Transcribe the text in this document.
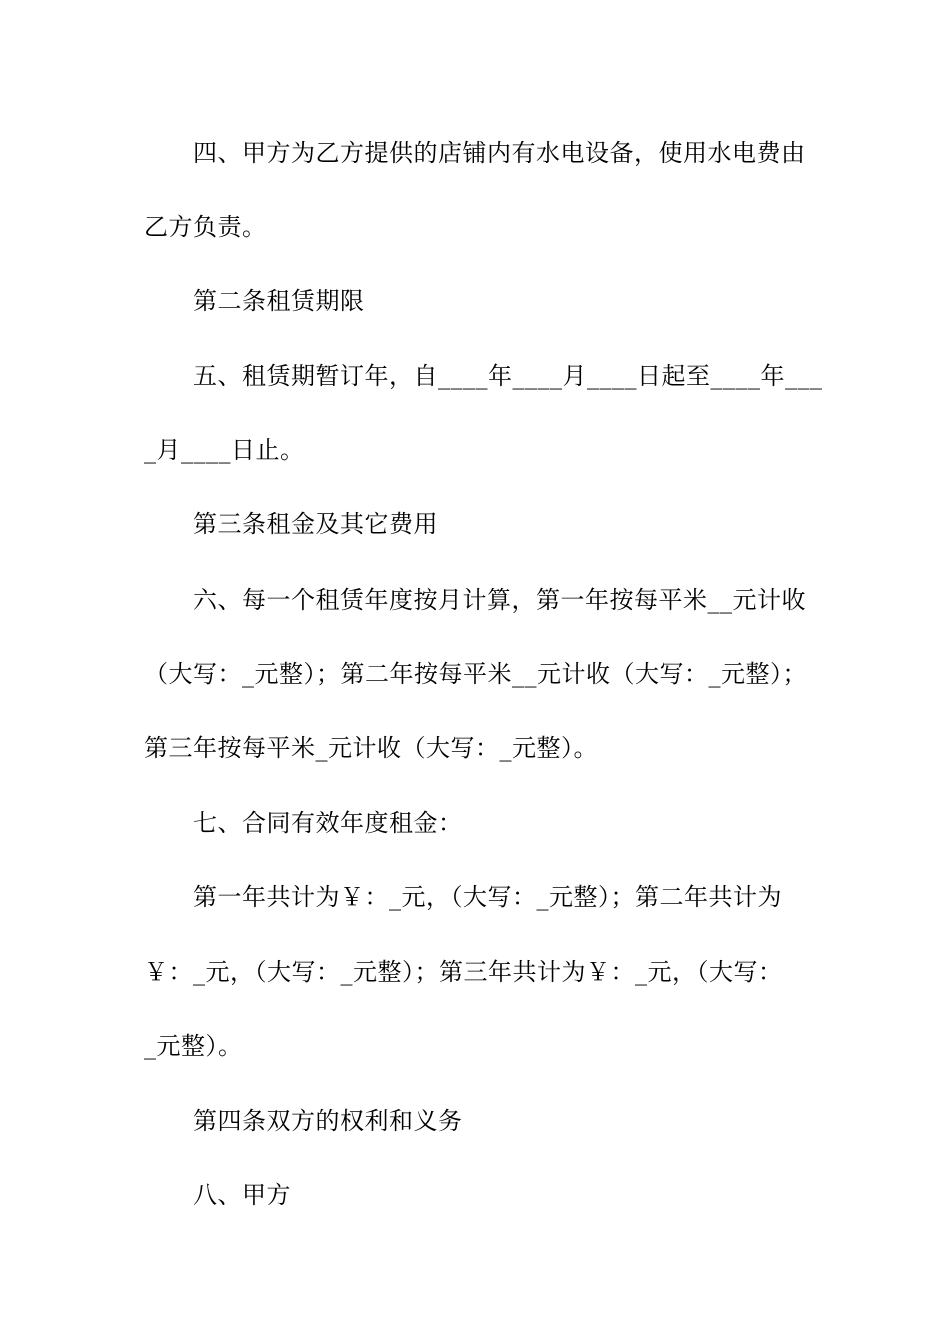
四、甲方为乙方提供的店铺内有水电设备，使用水电费由
乙方负责。
第二条租赁期限
五、租赁期暂订年，自____年____月____日起至____年___
_月____日止。
第三条租金及其它费用
六、每一个租赁年度按月计算，第一年按每平米__元计收
（大写：_元整）；第二年按每平米__元计收（大写：_元整）；
第三年按每平米_元计收（大写：_元整）。
七、合同有效年度租金：
第一年共计为￥：_元，（大写：_元整）；第二年共计为
￥：_元，（大写：_元整）；第三年共计为￥：_元，（大写：
_元整）。
第四条双方的权利和义务
八、甲方
